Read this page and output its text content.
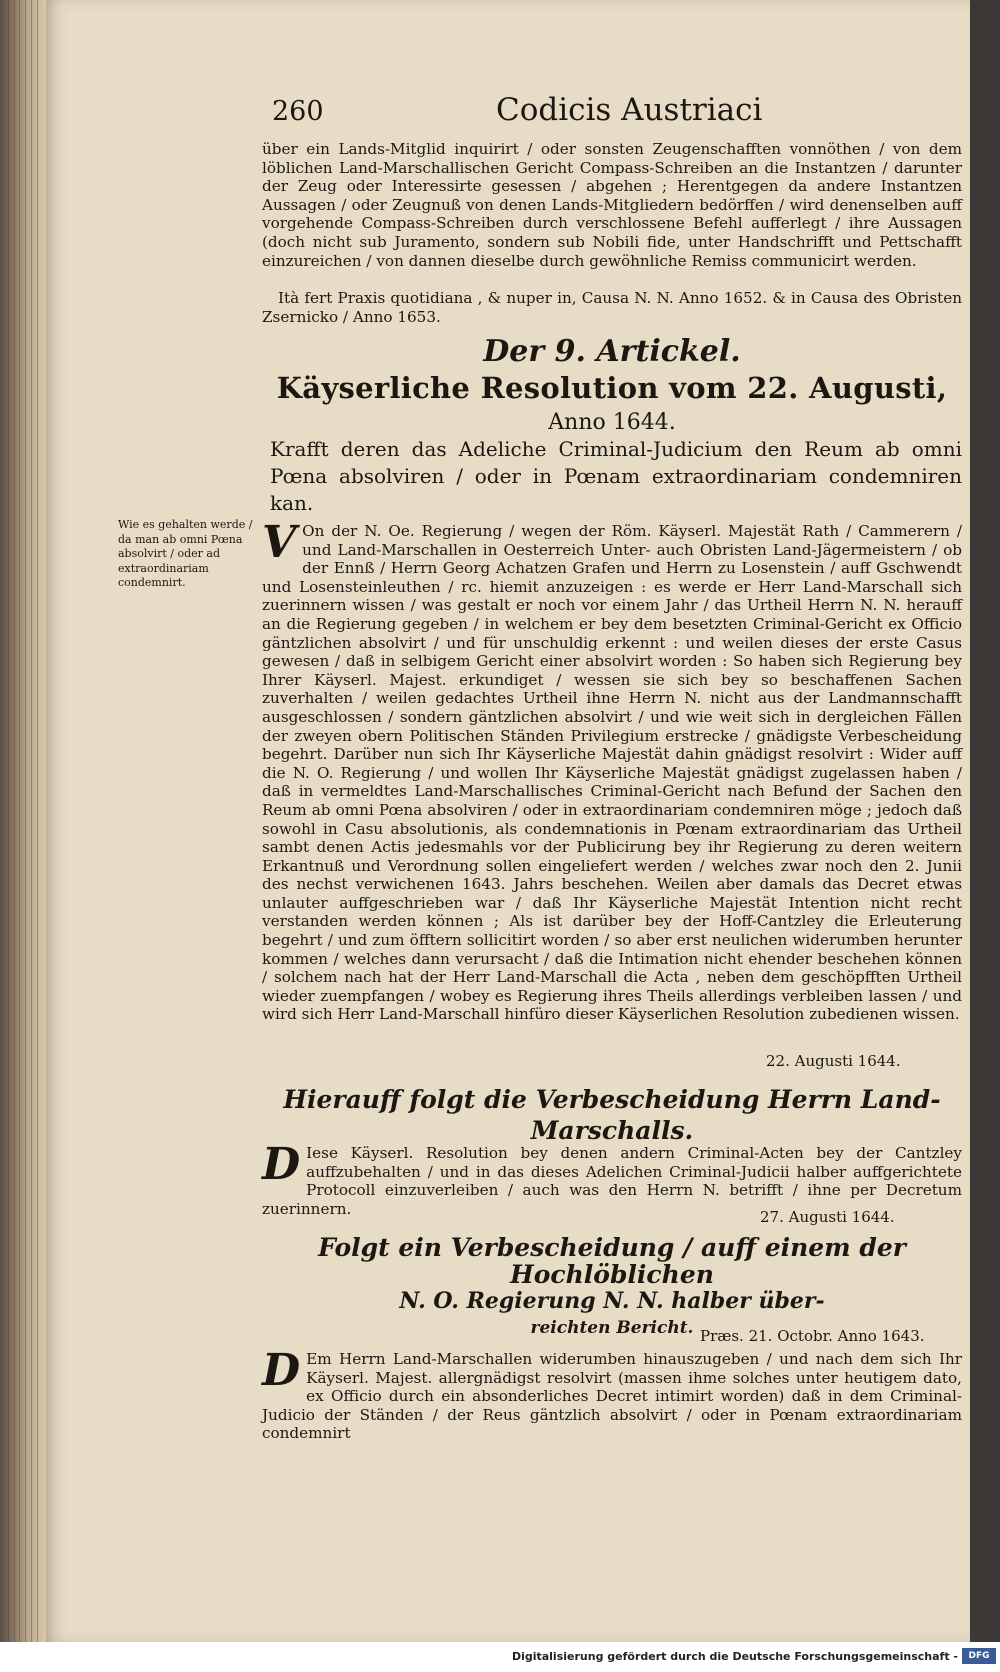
260	Codicis Austriaci
über ein Lands-Mitglid inquirirt / oder sonsten Zeugenschafften vonnöthen / von dem löblichen Land-Marschallischen Gericht Compass-Schreiben an die Instantzen / darunter der Zeug oder Interessirte gesessen / abgehen ; Herentgegen da andere Instantzen Aussagen / oder Zeugnuß von denen Lands-Mitgliedern bedörffen / wird denenselben auff vorgehende Compass-Schreiben durch verschlossene Befehl aufferlegt / ihre Aussagen (doch nicht sub Juramento, sondern sub Nobili fide, unter Handschrifft und Pettschafft einzureichen / von dannen dieselbe durch gewöhnliche Remiss communicirt werden.
Ità fert Praxis quotidiana , & nuper in, Causa N. N. Anno 1652. & in Causa des Obristen Zsernicko / Anno 1653.
Der 9. Artickel.
Käyserliche Resolution vom 22. Augusti,
Anno 1644.
Krafft deren das Adeliche Criminal-Judicium den Reum ab omni Pœna absolviren / oder in Pœnam extraordinariam condemniren kan.
Wie es gehalten werde / da man ab omni Pœna absolvirt / oder ad extraordinariam condemnirt.
V On der N. Oe. Regierung / wegen der Röm. Käyserl. Majestät Rath / Cammerern / und Land-Marschallen in Oesterreich Unter- auch Obristen Land-Jägermeistern / ob der Ennß / Herrn Georg Achatzen Grafen und Herrn zu Losenstein / auff Gschwendt und Losensteinleuthen / rc. hiemit anzuzeigen : es werde er Herr Land-Marschall sich zuerinnern wissen / was gestalt er noch vor einem Jahr / das Urtheil Herrn N. N. herauff an die Regierung gegeben / in welchem er bey dem besetzten Criminal-Gericht ex Officio gäntzlichen absolvirt / und für unschuldig erkennt : und weilen dieses der erste Casus gewesen / daß in selbigem Gericht einer absolvirt worden : So haben sich Regierung bey Ihrer Käyserl. Majest. erkundiget / wessen sie sich bey so beschaffenen Sachen zuverhalten / weilen gedachtes Urtheil ihne Herrn N. nicht aus der Landmannschafft ausgeschlossen / sondern gäntzlichen absolvirt / und wie weit sich in dergleichen Fällen der zweyen obern Politischen Ständen Privilegium erstrecke / gnädigste Verbescheidung begehrt. Darüber nun sich Ihr Käyserliche Majestät dahin gnädigst resolvirt : Wider auff die N. O. Regierung / und wollen Ihr Käyserliche Majestät gnädigst zugelassen haben / daß in vermeldtes Land-Marschallisches Criminal-Gericht nach Befund der Sachen den Reum ab omni Pœna absolviren / oder in extraordinariam condemniren möge ; jedoch daß sowohl in Casu absolutionis, als condemnationis in Pœnam extraordinariam das Urtheil sambt denen Actis jedesmahls vor der Publicirung bey ihr Regierung zu deren weitern Erkantnuß und Verordnung sollen eingeliefert werden / welches zwar noch den 2. Junii des nechst verwichenen 1643. Jahrs beschehen. Weilen aber damals das Decret etwas unlauter auffgeschrieben war / daß Ihr Käyserliche Majestät Intention nicht recht verstanden werden können ; Als ist darüber bey der Hoff-Cantzley die Erleuterung begehrt / und zum öfftern sollicitirt worden / so aber erst neulichen widerumben herunter kommen / welches dann verursacht / daß die Intimation nicht ehender beschehen können / solchem nach hat der Herr Land-Marschall die Acta , neben dem geschöpfften Urtheil wieder zuempfangen / wobey es Regierung ihres Theils allerdings verbleiben lassen / und wird sich Herr Land-Marschall hinfüro dieser Käyserlichen Resolution zubedienen wissen.
22. Augusti 1644.
Hierauff folgt die Verbescheidung Herrn Land-Marschalls.
D Iese Käyserl. Resolution bey denen andern Criminal-Acten bey der Cantzley auffzubehalten / und in das dieses Adelichen Criminal-Judicii halber auffgerichtete Protocoll einzuverleiben / auch was den Herrn N. betrifft / ihne per Decretum zuerinnern.	27. Augusti 1644.
Folgt ein Verbescheidung / auff einem der Hochlöblichen
N. O. Regierung N. N. halber über-
reichten Bericht. Præs. 21. Octobr. Anno 1643.
D Em Herrn Land-Marschallen widerumben hinauszugeben / und nach dem sich Ihr Käyserl. Majest. allergnädigst resolvirt (massen ihme solches unter heutigem dato, ex Officio durch ein absonderliches Decret intimirt worden) daß in dem Criminal-Judicio der Ständen / der Reus gäntzlich absolvirt / oder in Pœnam extraordinariam condemnirt
Digitalisierung gefördert durch die Deutsche Forschungsgemeinschaft -	DFG
